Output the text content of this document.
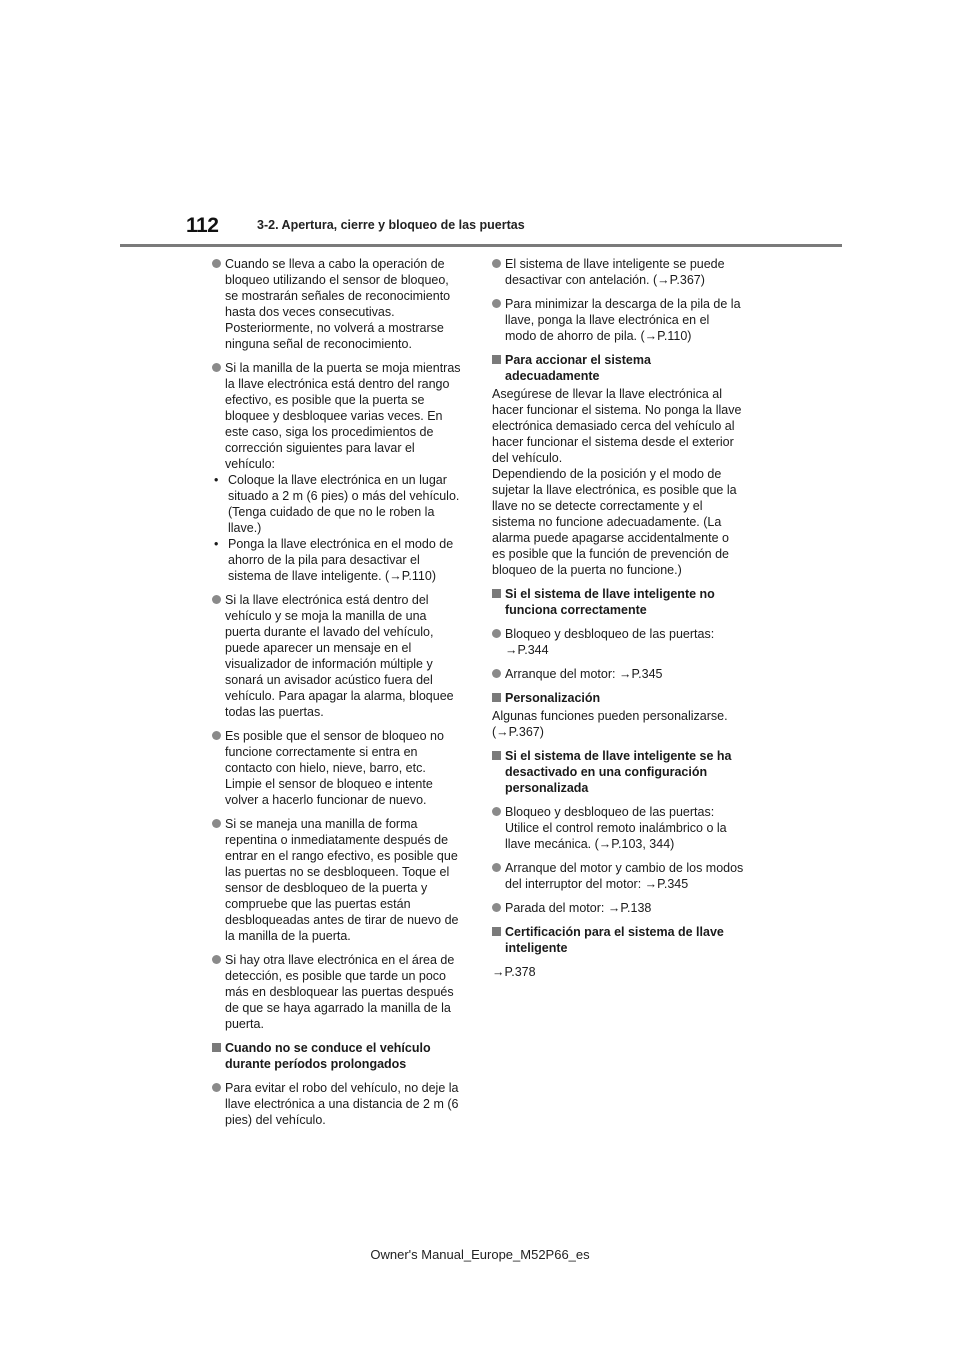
112	3-2. Apertura, cierre y bloqueo de las puertas
Cuando se lleva a cabo la operación de bloqueo utilizando el sensor de bloqueo, se mostrarán señales de reconocimiento hasta dos veces consecutivas. Posteriormente, no volverá a mostrarse ninguna señal de reconocimiento.
Si la manilla de la puerta se moja mientras la llave electrónica está dentro del rango efectivo, es posible que la puerta se bloquee y desbloquee varias veces. En este caso, siga los procedimientos de corrección siguientes para lavar el vehículo:
• Coloque la llave electrónica en un lugar situado a 2 m (6 pies) o más del vehículo. (Tenga cuidado de que no le roben la llave.)
• Ponga la llave electrónica en el modo de ahorro de la pila para desactivar el sistema de llave inteligente. (→P.110)
Si la llave electrónica está dentro del vehículo y se moja la manilla de una puerta durante el lavado del vehículo, puede aparecer un mensaje en el visualizador de información múltiple y sonará un avisador acústico fuera del vehículo. Para apagar la alarma, bloquee todas las puertas.
Es posible que el sensor de bloqueo no funcione correctamente si entra en contacto con hielo, nieve, barro, etc. Limpie el sensor de bloqueo e intente volver a hacerlo funcionar de nuevo.
Si se maneja una manilla de forma repentina o inmediatamente después de entrar en el rango efectivo, es posible que las puertas no se desbloqueen. Toque el sensor de desbloqueo de la puerta y compruebe que las puertas están desbloqueadas antes de tirar de nuevo de la manilla de la puerta.
Si hay otra llave electrónica en el área de detección, es posible que tarde un poco más en desbloquear las puertas después de que se haya agarrado la manilla de la puerta.
Cuando no se conduce el vehículo durante períodos prolongados
Para evitar el robo del vehículo, no deje la llave electrónica a una distancia de 2 m (6 pies) del vehículo.
El sistema de llave inteligente se puede desactivar con antelación. (→P.367)
Para minimizar la descarga de la pila de la llave, ponga la llave electrónica en el modo de ahorro de pila. (→P.110)
Para accionar el sistema adecuadamente
Asegúrese de llevar la llave electrónica al hacer funcionar el sistema. No ponga la llave electrónica demasiado cerca del vehículo al hacer funcionar el sistema desde el exterior del vehículo.
Dependiendo de la posición y el modo de sujetar la llave electrónica, es posible que la llave no se detecte correctamente y el sistema no funcione adecuadamente. (La alarma puede apagarse accidentalmente o es posible que la función de prevención de bloqueo de la puerta no funcione.)
Si el sistema de llave inteligente no funciona correctamente
Bloqueo y desbloqueo de las puertas: →P.344
Arranque del motor: →P.345
Personalización
Algunas funciones pueden personalizarse. (→P.367)
Si el sistema de llave inteligente se ha desactivado en una configuración personalizada
Bloqueo y desbloqueo de las puertas: Utilice el control remoto inalámbrico o la llave mecánica. (→P.103, 344)
Arranque del motor y cambio de los modos del interruptor del motor: →P.345
Parada del motor: →P.138
Certificación para el sistema de llave inteligente
→P.378
Owner's Manual_Europe_M52P66_es
